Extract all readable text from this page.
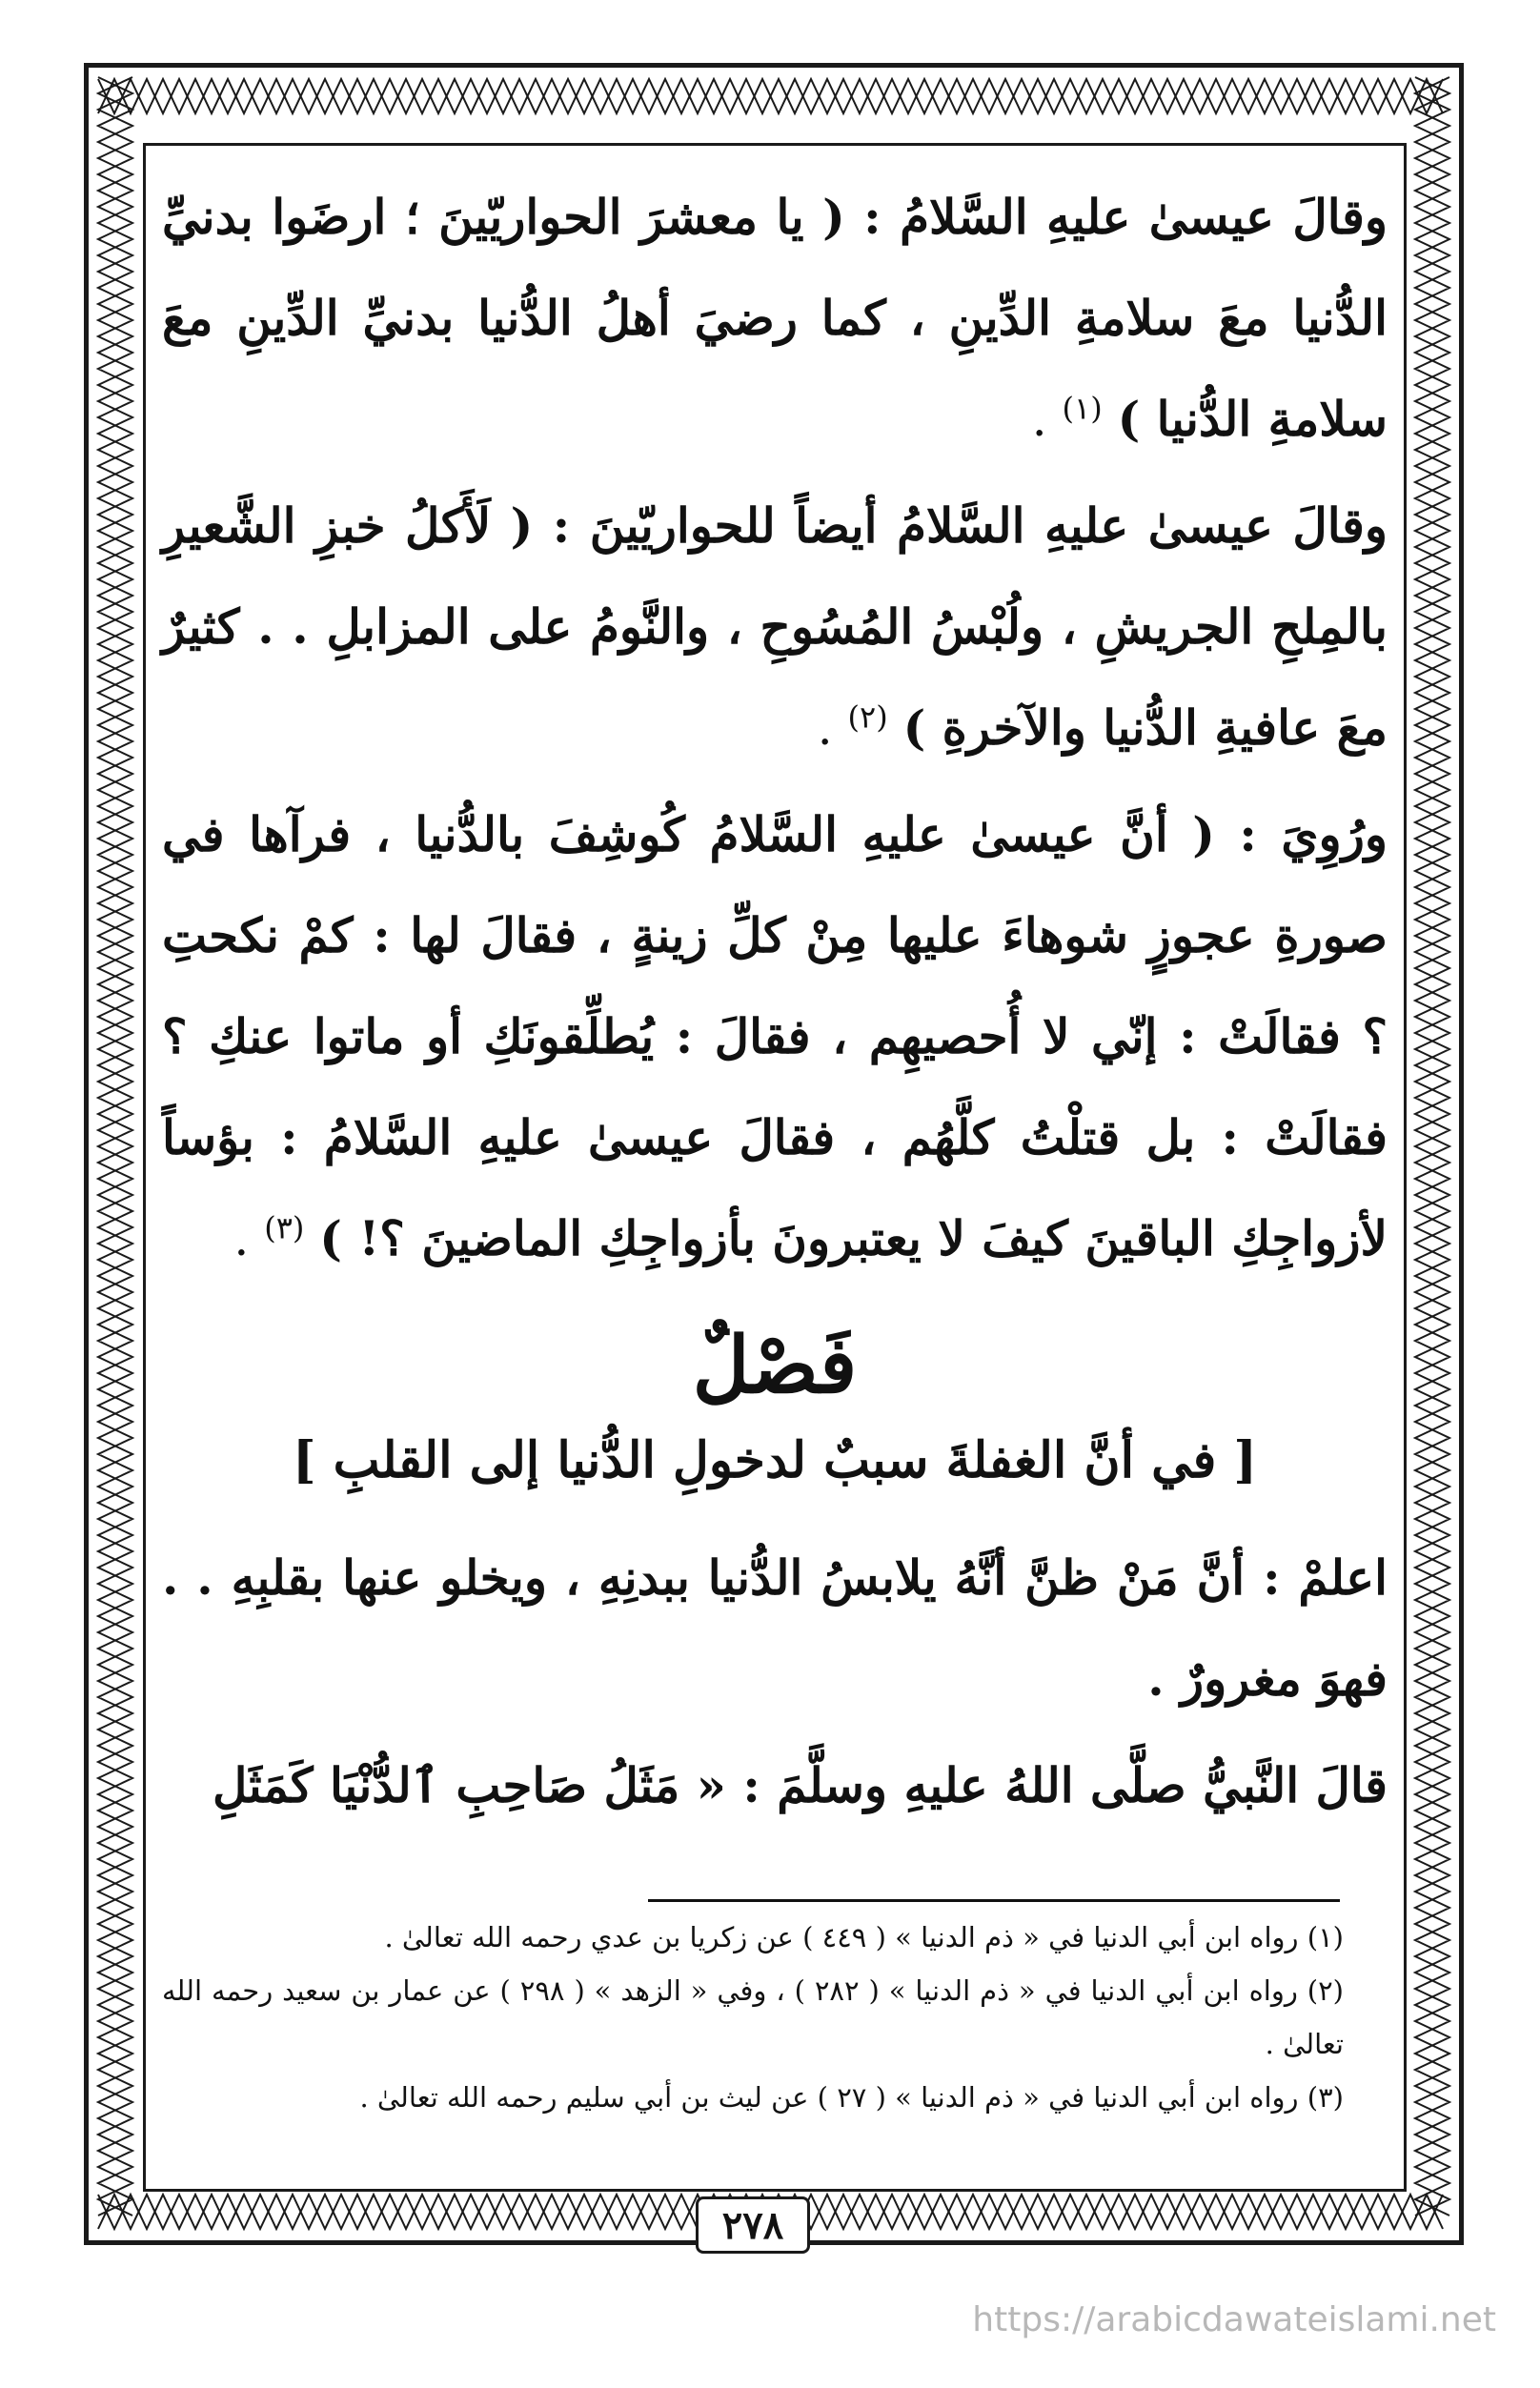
وقالَ عيسىٰ عليهِ السَّلامُ : ( يا معشرَ الحواريّينَ ؛ ارضَوا بدنيِّ الدُّنيا معَ سلامةِ الدِّينِ ، كما رضيَ أهلُ الدُّنيا بدنيِّ الدِّينِ معَ سلامةِ الدُّنيا ) $^{(١)}$ .

وقالَ عيسىٰ عليهِ السَّلامُ أيضاً للحواريّينَ : ( لَأَكلُ خبزِ الشَّعيرِ بالمِلحِ الجريشِ ، ولُبْسُ المُسُوحِ ، والنَّومُ على المزابلِ . . كثيرٌ معَ عافيةِ الدُّنيا والآخرةِ ) $^{(٢)}$ .

ورُوِيَ : ( أنَّ عيسىٰ عليهِ السَّلامُ كُوشِفَ بالدُّنيا ، فرآها في صورةِ عجوزٍ شوهاءَ عليها مِنْ كلِّ زينةٍ ، فقالَ لها : كمْ نكحتِ ؟ فقالَتْ : إنّي لا أُحصيهِم ، فقالَ : يُطلِّقونَكِ أو ماتوا عنكِ ؟ فقالَتْ : بل قتلْتُ كلَّهُم ، فقالَ عيسىٰ عليهِ السَّلامُ : بؤساً لأزواجِكِ الباقينَ كيفَ لا يعتبرونَ بأزواجِكِ الماضينَ ؟! ) $^{(٣)}$ .

فَصْلٌ
[ في أنَّ الغفلةَ سببٌ لدخولِ الدُّنيا إلى القلبِ ]

اعلمْ : أنَّ مَنْ ظنَّ أنَّهُ يلابسُ الدُّنيا ببدنِهِ ، ويخلو عنها بقلبِهِ . . فهوَ مغرورٌ .

قالَ النَّبيُّ صلَّى اللهُ عليهِ وسلَّمَ : « مَثَلُ صَاحِبِ ٱلدُّنْيَا كَمَثَلِ

(١) رواه ابن أبي الدنيا في « ذم الدنيا » ( ٤٤٩ ) عن زكريا بن عدي رحمه الله تعالىٰ .

(٢) رواه ابن أبي الدنيا في « ذم الدنيا » ( ٢٨٢ ) ، وفي « الزهد » ( ٢٩٨ ) عن عمار بن سعيد رحمه الله تعالىٰ .

(٣) رواه ابن أبي الدنيا في « ذم الدنيا » ( ٢٧ ) عن ليث بن أبي سليم رحمه الله تعالىٰ .

٢٧٨
https://arabicdawateislami.net
